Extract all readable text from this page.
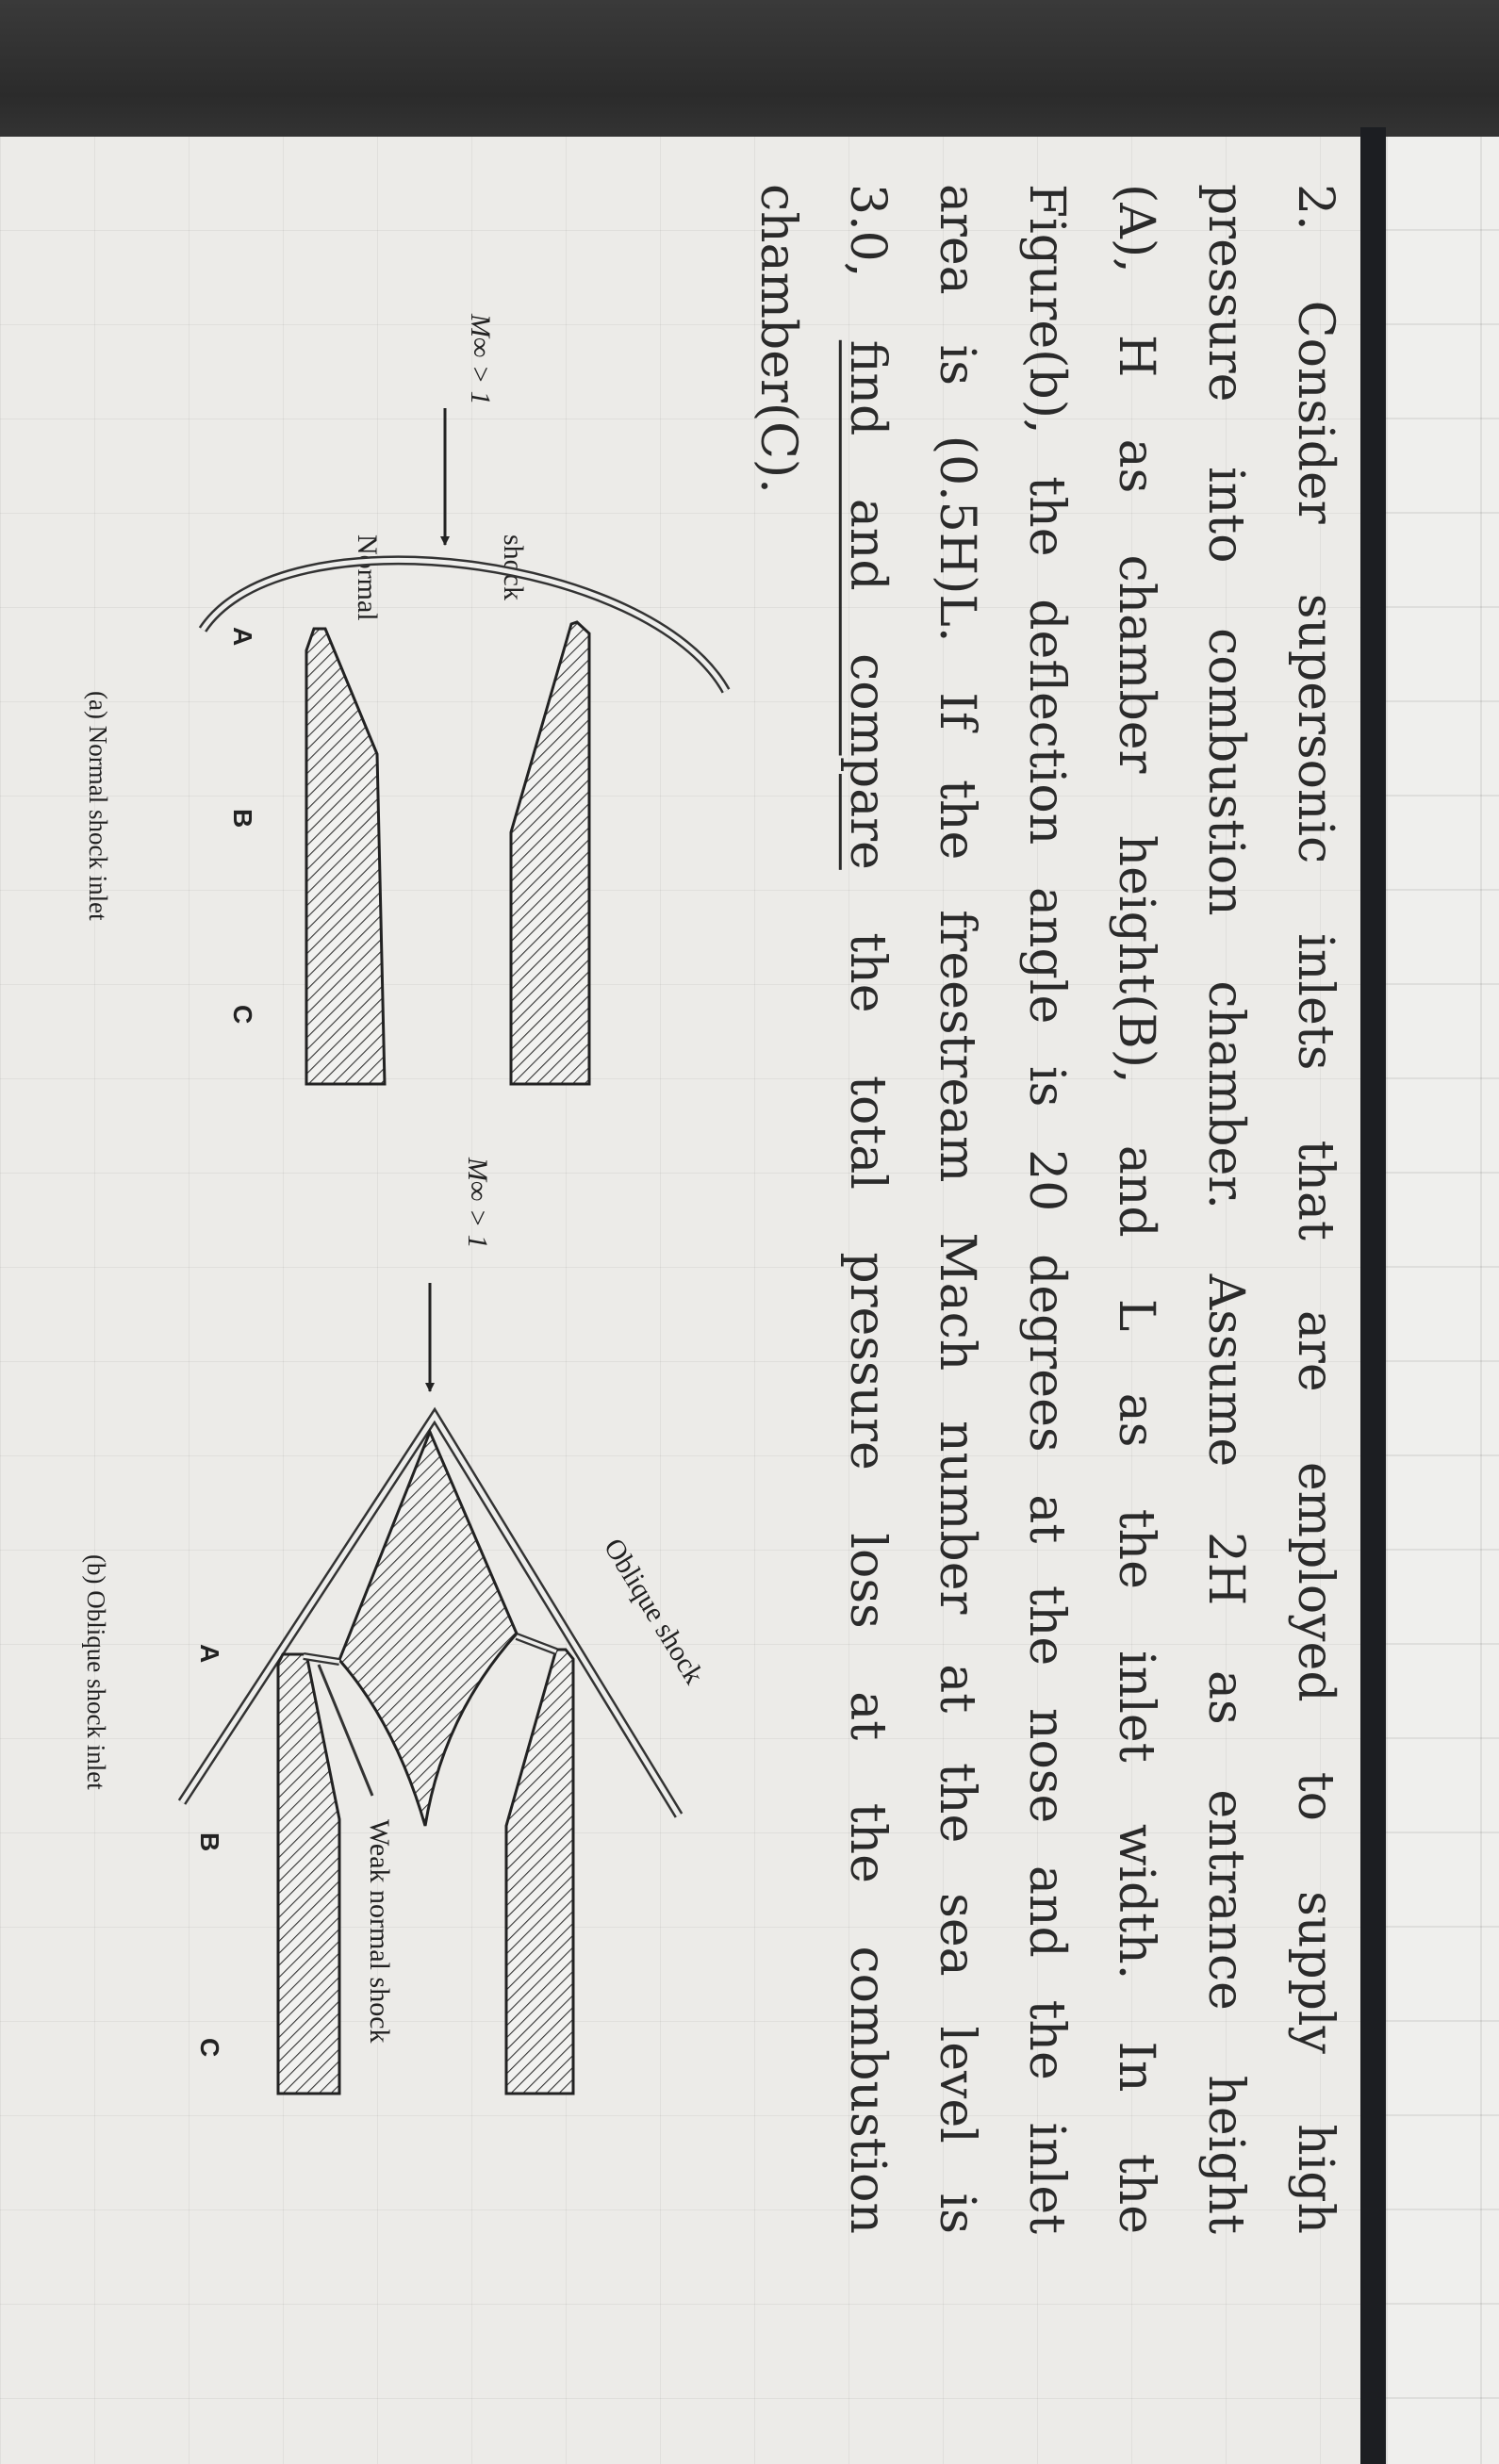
2. Consider supersonic inlets that are employed to supply high
pressure into combustion chamber. Assume 2H as entrance height
(A), H as chamber height(B), and L as the inlet width. In the
Figure(b), the deflection angle is 20 degrees at the nose and the inlet
area is (0.5H)L. If the freestream Mach number at the sea level is
3.0, find and compare the total pressure loss at the combustion
chamber(C).
M∞ > 1
shock
Normal
A
B
C
(a) Normal shock inlet
M∞ > 1
Oblique shock
Weak normal shock
A
B
C
(b) Oblique shock inlet
